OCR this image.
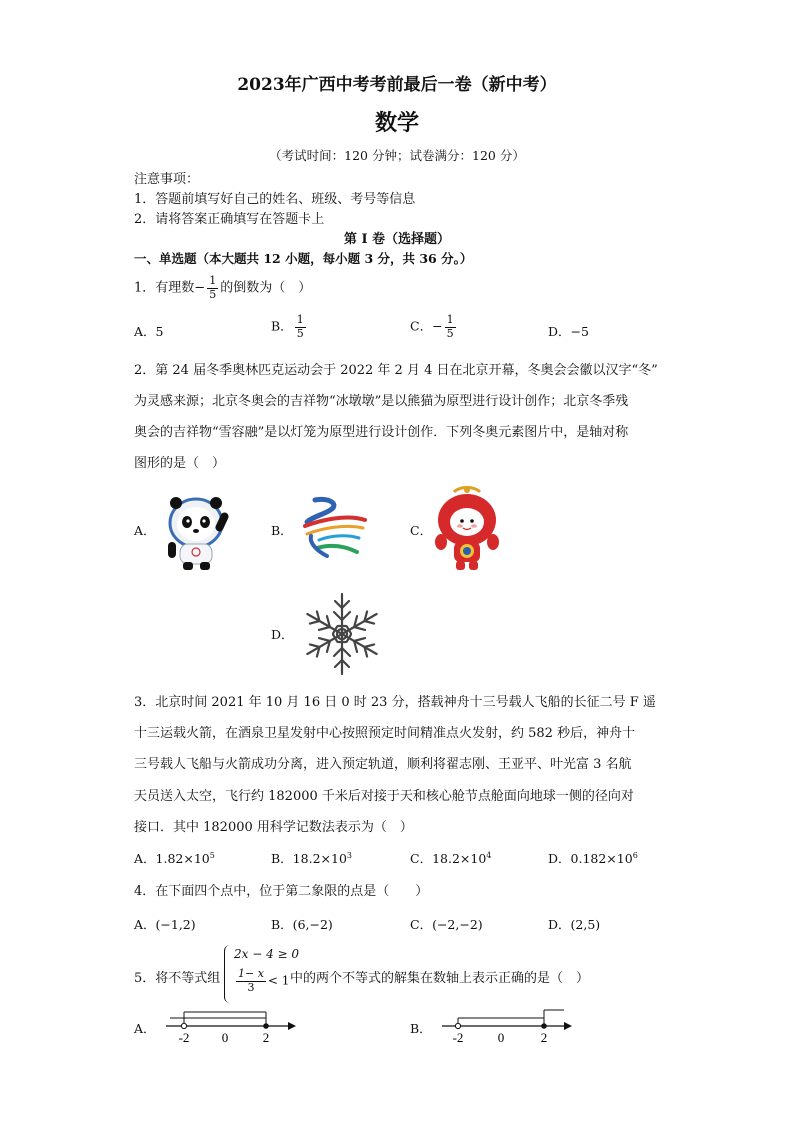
2023年广西中考考前最后一卷（新中考）
数学
（考试时间：120 分钟；试卷满分：120 分）
注意事项：
1．答题前填写好自己的姓名、班级、考号等信息
2．请将答案正确填写在答题卡上
第 I 卷（选择题）
一、单选题（本大题共 12 小题，每小题 3 分，共 36 分。）
1．有理数− $\frac{1}{5}$ 的倒数为（　）
A．5	B． $\frac{1}{5}$	C．− $\frac{1}{5}$	D．−5
2．第 24 届冬季奥林匹克运动会于 2022 年 2 月 4 日在北京开幕，冬奥会会徽以汉字“冬”
为灵感来源；北京冬奥会的吉祥物“冰墩墩”是以熊猫为原型进行设计创作；北京冬季残
奥会的吉祥物“雪容融”是以灯笼为原型进行设计创作．下列冬奥元素图片中，是轴对称
图形的是（　）
A．	B．	C．
D．
3．北京时间 2021 年 10 月 16 日 0 时 23 分，搭载神舟十三号载人飞船的长征二号 F 遥
十三运载火箭，在酒泉卫星发射中心按照预定时间精准点火发射，约 582 秒后，神舟十
三号载人飞船与火箭成功分离，进入预定轨道，顺利将翟志刚、王亚平、叶光富 3 名航
天员送入太空，飞行约 182000 千米后对接于天和核心舱节点舱面向地球一侧的径向对
接口．其中 182000 用科学记数法表示为（　）
A．$1.82\times 10^5$	B．$18.2\times 10^3$	C．$18.2\times 10^4$	D．$0.182\times 10^6$
4．在下面四个点中，位于第二象限的点是（　　）
A．(−1,2)	B．(6,−2)	C．(−2,−2)	D．(2,5)
5．将不等式组
2x − 4 ≥ 0
$\frac{1- x}{3} < 1$ 中的两个不等式的解集在数轴上表示正确的是（　）
A．
-2 0	2
B．
-2	0	2
